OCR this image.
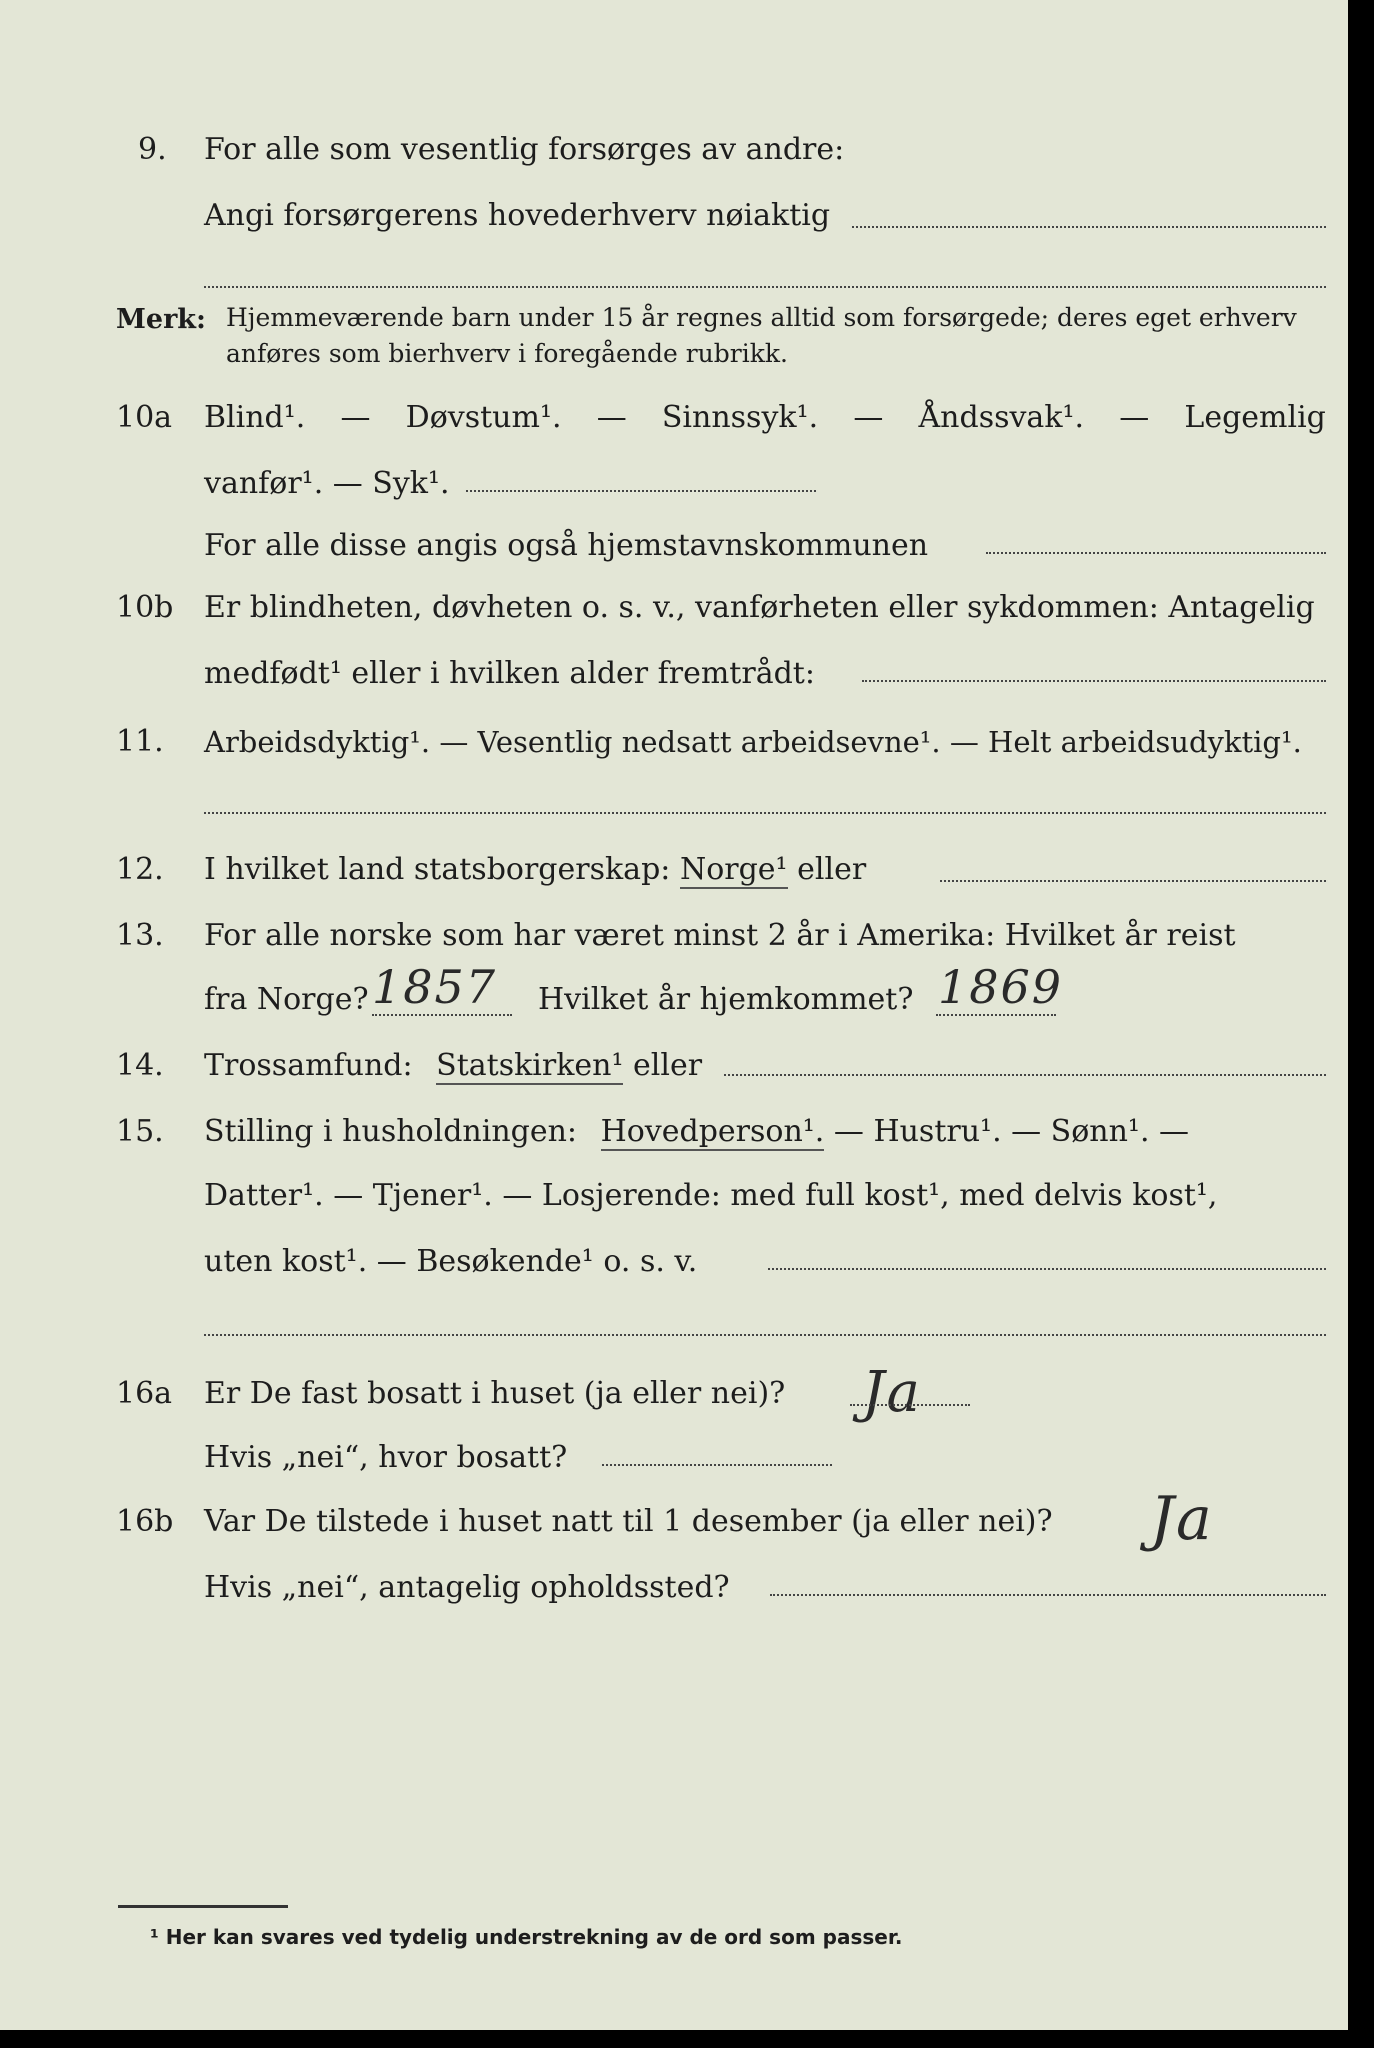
9. For alle som vesentlig forsørges av andre:
Angi forsørgerens hovederhverv nøiaktig
Merk: Hjemmeværende barn under 15 år regnes alltid som forsørgede; deres eget erhverv
anføres som bierhverv i foregående rubrikk.
10a Blind¹. — Døvstum¹. — Sinnssyk¹. — Åndssvak¹. — Legemlig
vanfør¹. — Syk¹.
For alle disse angis også hjemstavnskommunen
10b Er blindheten, døvheten o. s. v., vanførheten eller sykdommen: Antagelig
medfødt¹ eller i hvilken alder fremtrådt:
11. Arbeidsdyktig¹. — Vesentlig nedsatt arbeidsevne¹. — Helt arbeidsudyktig¹.
12. I hvilket land statsborgerskap: Norge¹ eller
13. For alle norske som har været minst 2 år i Amerika: Hvilket år reist
fra Norge?	Hvilket år hjemkommet?
1857	1869
14. Trossamfund: Statskirken¹ eller
15. Stilling i husholdningen: Hovedperson¹. — Hustru¹. — Sønn¹. —
Datter¹. — Tjener¹. — Losjerende: med full kost¹, med delvis kost¹,
uten kost¹. — Besøkende¹ o. s. v.
16a Er De fast bosatt i huset (ja eller nei)? Ja
Hvis „nei“, hvor bosatt?
16b Var De tilstede i huset natt til 1 desember (ja eller nei)? Ja
Hvis „nei“, antagelig opholdssted?
¹ Her kan svares ved tydelig understrekning av de ord som passer.
